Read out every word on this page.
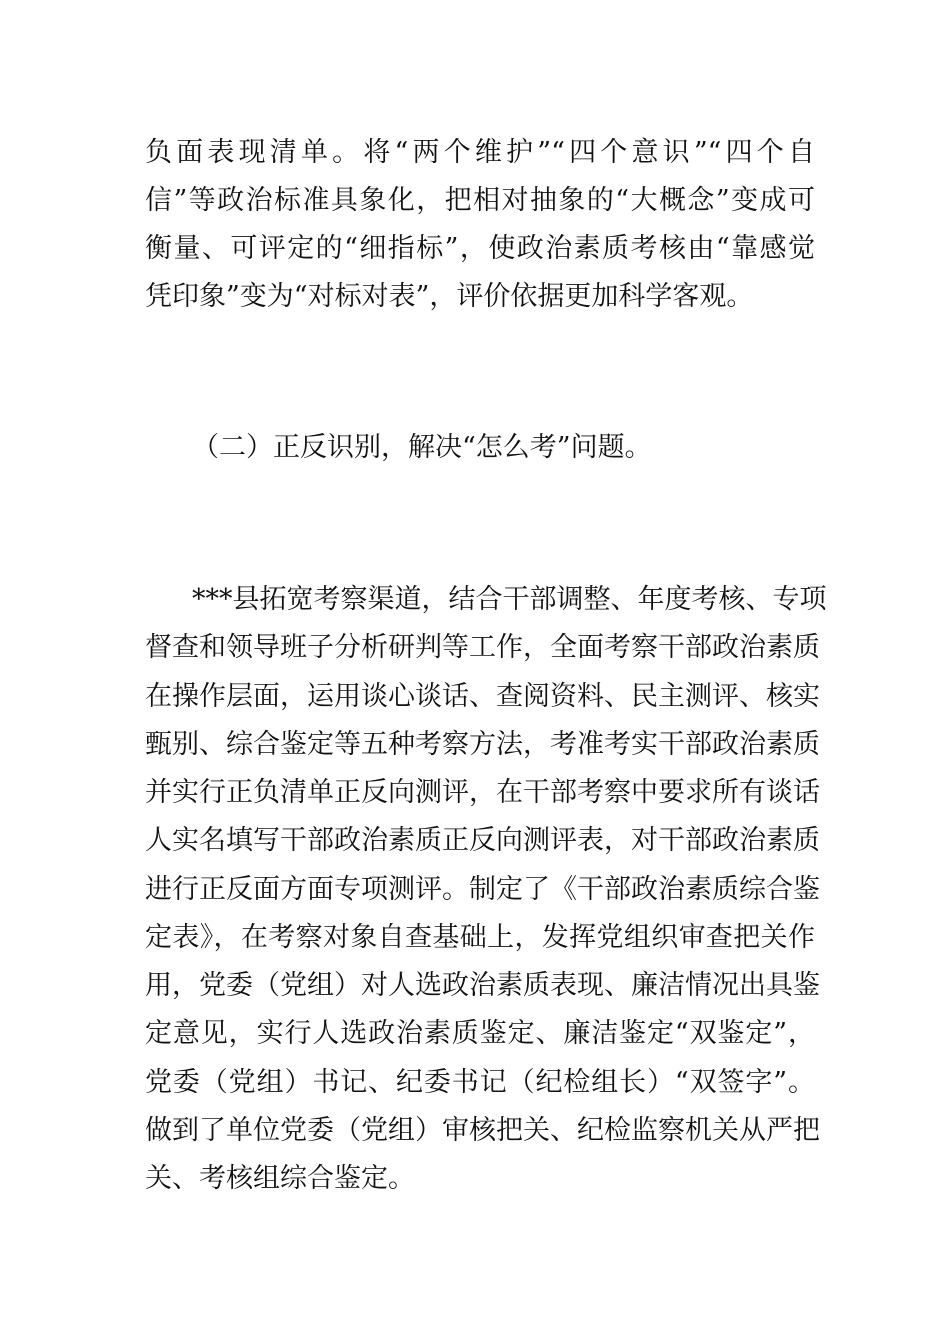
负面表现清单。将“两个维护”“四个意识”“四个自
信”等政治标准具象化，把相对抽象的“大概念”变成可
衡量、可评定的“细指标”，使政治素质考核由“靠感觉
凭印象”变为“对标对表”，评价依据更加科学客观。
（二）正反识别，解决“怎么考”问题。
***县拓宽考察渠道，结合干部调整、年度考核、专项
督查和领导班子分析研判等工作，全面考察干部政治素质
在操作层面，运用谈心谈话、查阅资料、民主测评、核实
甄别、综合鉴定等五种考察方法，考准考实干部政治素质
并实行正负清单正反向测评，在干部考察中要求所有谈话
人实名填写干部政治素质正反向测评表，对干部政治素质
进行正反面方面专项测评。制定了《干部政治素质综合鉴
定表》，在考察对象自查基础上，发挥党组织审查把关作
用，党委（党组）对人选政治素质表现、廉洁情况出具鉴
定意见，实行人选政治素质鉴定、廉洁鉴定“双鉴定”，
党委（党组）书记、纪委书记（纪检组长）“双签字”。
做到了单位党委（党组）审核把关、纪检监察机关从严把
关、考核组综合鉴定。
